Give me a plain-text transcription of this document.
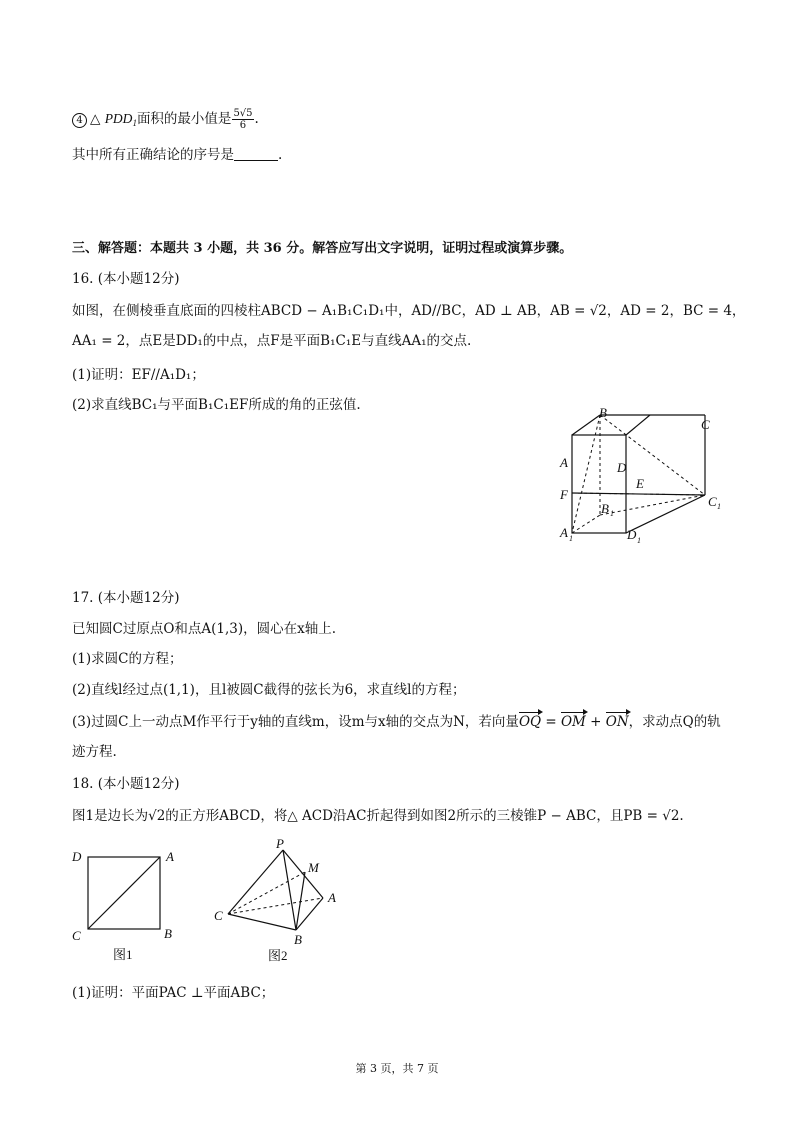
4 △ $PDD_1$面积的最小值是 $\frac{5√5}{6}$ .
其中所有正确结论的序号是	.
三、解答题：本题共 3 小题，共 36 分。解答应写出文字说明，证明过程或演算步骤。
16. (本小题12分)
如图，在侧棱垂直底面的四棱柱ABCD − A₁B₁C₁D₁中，AD//BC，AD ⊥ AB，AB = √2，AD = 2，BC = 4，
AA₁ = 2，点E是DD₁的中点，点F是平面B₁C₁E与直线AA₁的交点.
(1)证明：EF//A₁D₁；
(2)求直线BC₁与平面B₁C₁EF所成的角的正弦值.	B
C
A	D
F
E
C 1
B 1
A 1	D 1
17. (本小题12分)
已知圆C过原点O和点A(1,3)，圆心在x轴上.
(1)求圆C的方程；
(2)直线l经过点(1,1)，且l被圆C截得的弦长为6，求直线l的方程；
(3)过圆C上一动点M作平行于y轴的直线m，设m与x轴的交点为N，若向量OQ = OM + ON，求动点Q的轨
迹方程.
18. (本小题12分)
图1是边长为√2的正方形ABCD，将△ ACD沿AC折起得到如图2所示的三棱锥P − ABC，且PB = √2.
D	A
C	B
图1
P
M
A
C
B
图2
(1)证明：平面PAC ⊥平面ABC；
第 3 页，共 7 页
